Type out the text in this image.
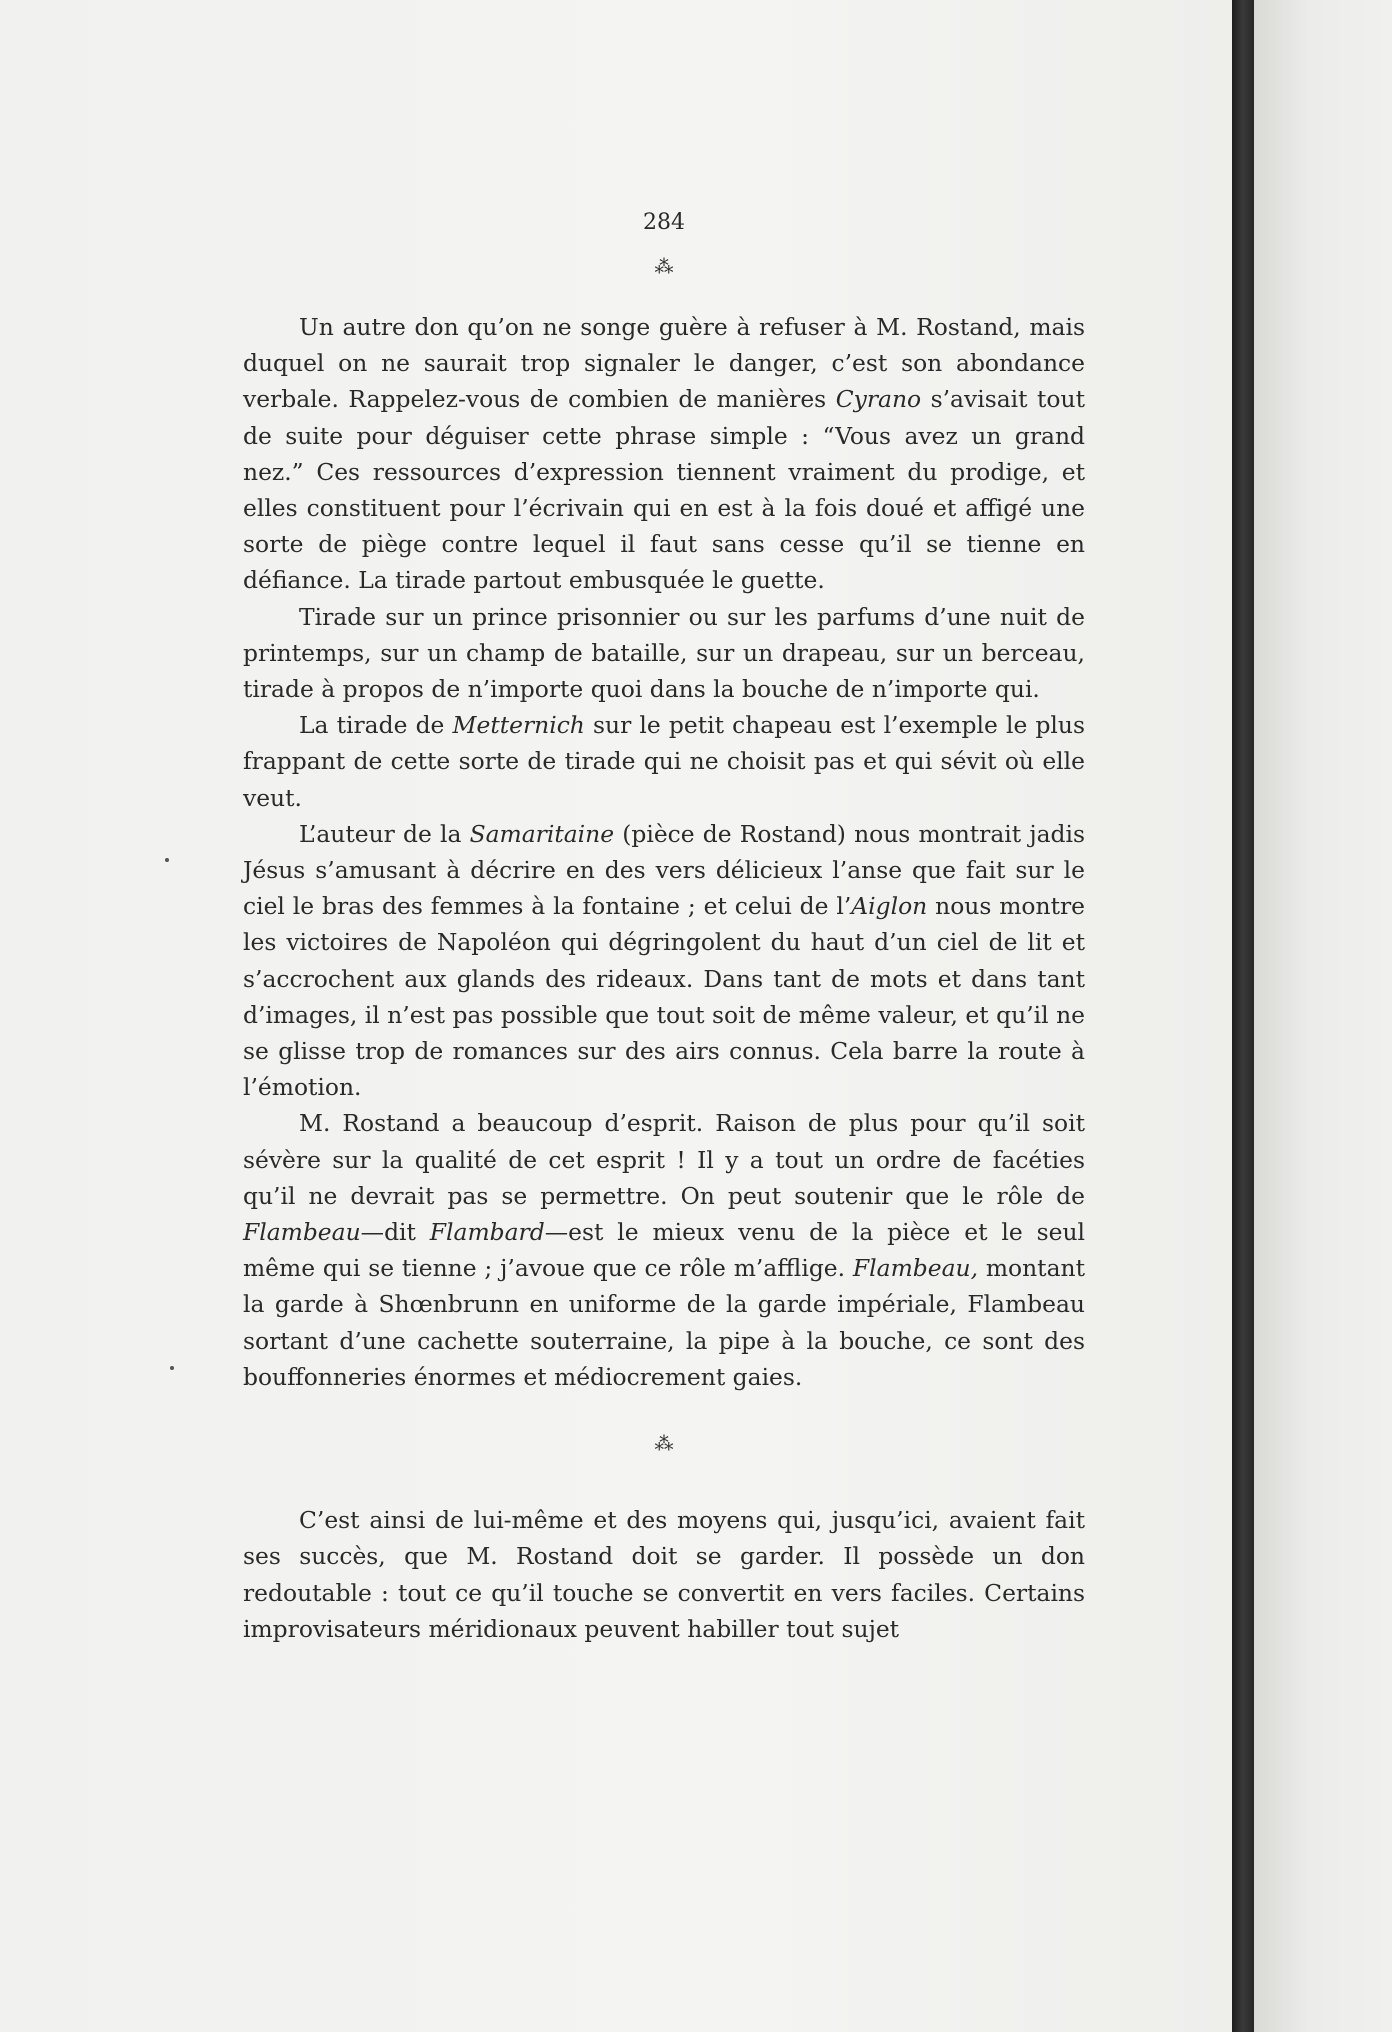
284
⁂

Un autre don qu’on ne songe guère à refuser à M. Rostand, mais duquel on ne saurait trop signaler le danger, c’est son abondance verbale. Rappelez-vous de combien de manières Cyrano s’avisait tout de suite pour déguiser cette phrase simple : “Vous avez un grand nez.” Ces ressources d’expression tiennent vraiment du prodige, et elles constituent pour l’écrivain qui en est à la fois doué et affigé une sorte de piège contre lequel il faut sans cesse qu’il se tienne en défiance. La tirade partout embusquée le guette.

Tirade sur un prince prisonnier ou sur les parfums d’une nuit de printemps, sur un champ de bataille, sur un drapeau, sur un berceau, tirade à propos de n’importe quoi dans la bouche de n’importe qui.

La tirade de Metternich sur le petit chapeau est l’exemple le plus frappant de cette sorte de tirade qui ne choisit pas et qui sévit où elle veut.

L’auteur de la Samaritaine (pièce de Rostand) nous montrait jadis Jésus s’amusant à décrire en des vers délicieux l’anse que fait sur le ciel le bras des femmes à la fontaine ; et celui de l’Aiglon nous montre les victoires de Napoléon qui dégringolent du haut d’un ciel de lit et s’accrochent aux glands des rideaux. Dans tant de mots et dans tant d’images, il n’est pas possible que tout soit de même valeur, et qu’il ne se glisse trop de romances sur des airs connus. Cela barre la route à l’émotion.

M. Rostand a beaucoup d’esprit. Raison de plus pour qu’il soit sévère sur la qualité de cet esprit ! Il y a tout un ordre de facéties qu’il ne devrait pas se permettre. On peut soutenir que le rôle de Flambeau—dit Flambard—est le mieux venu de la pièce et le seul même qui se tienne ; j’avoue que ce rôle m’afflige. Flambeau, montant la garde à Shœnbrunn en uniforme de la garde impériale, Flambeau sortant d’une cachette souterraine, la pipe à la bouche, ce sont des bouffonneries énormes et médiocrement gaies.

⁂

C’est ainsi de lui-même et des moyens qui, jusqu’ici, avaient fait ses succès, que M. Rostand doit se garder. Il possède un don redoutable : tout ce qu’il touche se convertit en vers faciles. Certains improvisateurs méridionaux peuvent habiller tout sujet
